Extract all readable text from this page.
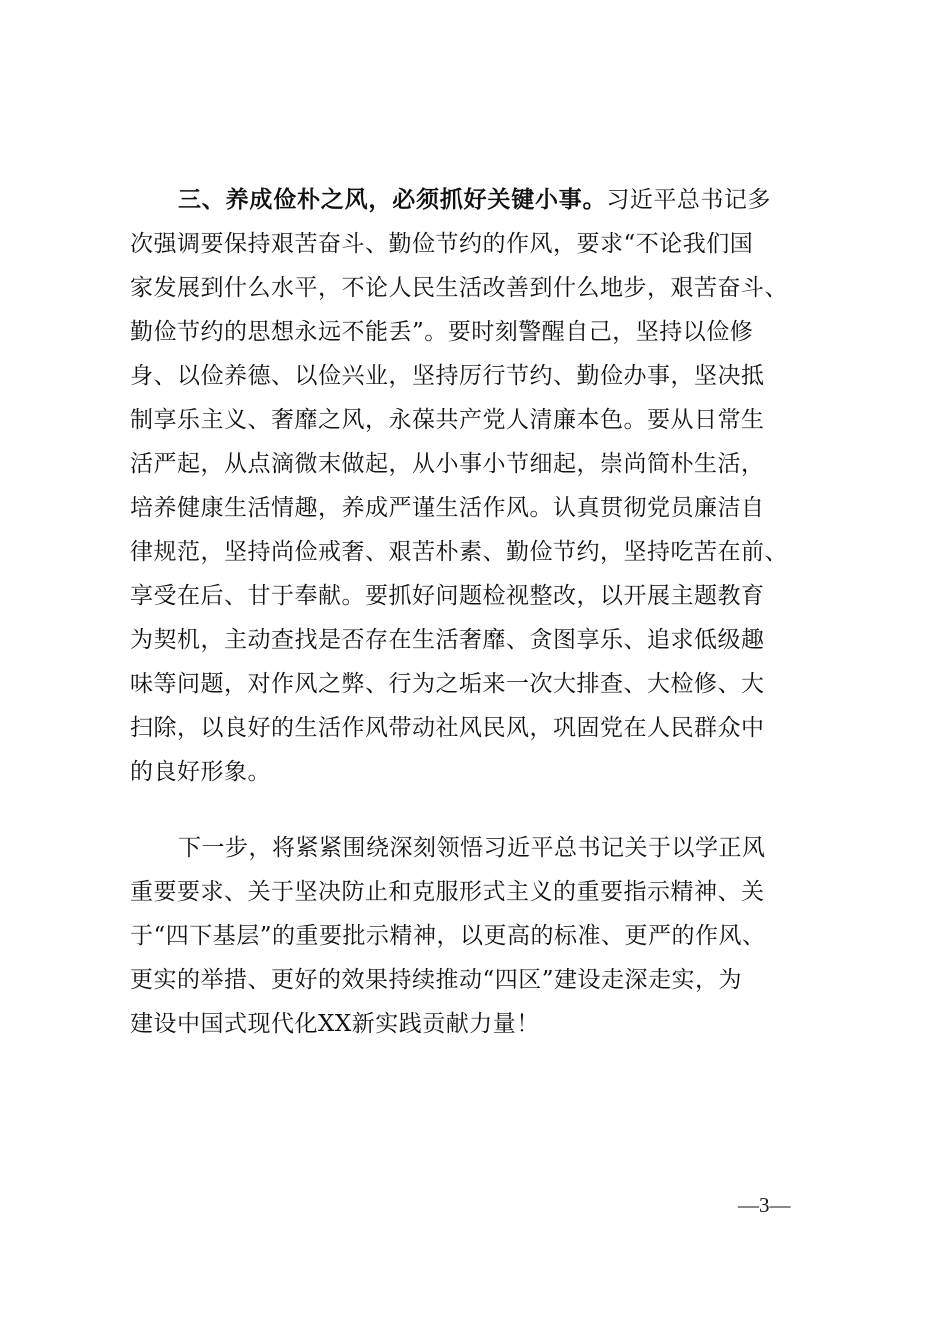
三、养成俭朴之风，必须抓好关键小事。习近平总书记多
次强调要保持艰苦奋斗、勤俭节约的作风，要求“不论我们国
家发展到什么水平，不论人民生活改善到什么地步，艰苦奋斗、
勤俭节约的思想永远不能丢”。要时刻警醒自己，坚持以俭修
身、以俭养德、以俭兴业，坚持厉行节约、勤俭办事，坚决抵
制享乐主义、奢靡之风，永葆共产党人清廉本色。要从日常生
活严起，从点滴微末做起，从小事小节细起，崇尚简朴生活，
培养健康生活情趣，养成严谨生活作风。认真贯彻党员廉洁自
律规范，坚持尚俭戒奢、艰苦朴素、勤俭节约，坚持吃苦在前、
享受在后、甘于奉献。要抓好问题检视整改，以开展主题教育
为契机，主动查找是否存在生活奢靡、贪图享乐、追求低级趣
味等问题，对作风之弊、行为之垢来一次大排查、大检修、大
扫除，以良好的生活作风带动社风民风，巩固党在人民群众中
的良好形象。
下一步，将紧紧围绕深刻领悟习近平总书记关于以学正风
重要要求、关于坚决防止和克服形式主义的重要指示精神、关
于“四下基层”的重要批示精神，以更高的标准、更严的作风、
更实的举措、更好的效果持续推动“四区”建设走深走实，为
建设中国式现代化XX新实践贡献力量！
—3—
